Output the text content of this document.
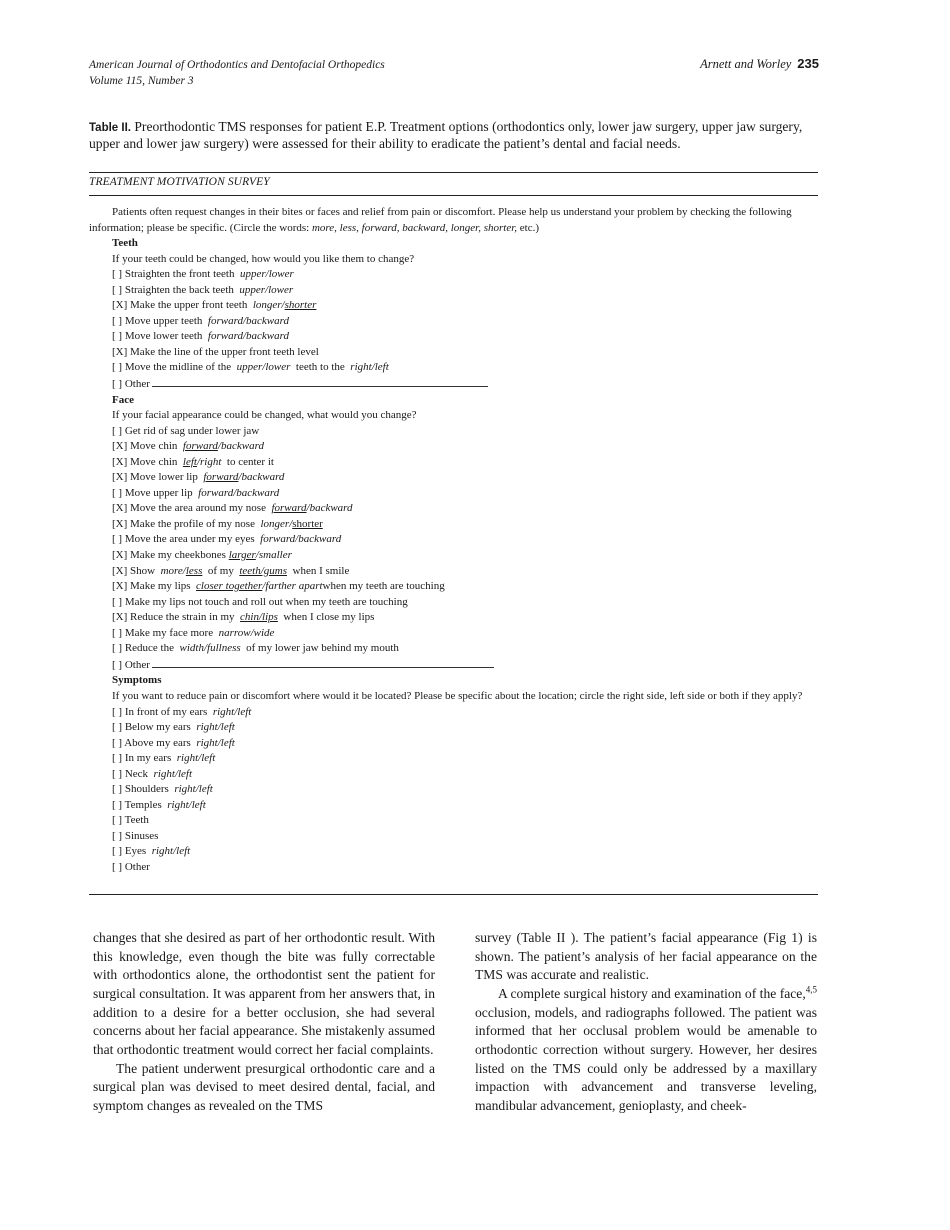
American Journal of Orthodontics and Dentofacial Orthopedics
Volume 115, Number 3
Arnett and Worley 235
Table II. Preorthodontic TMS responses for patient E.P. Treatment options (orthodontics only, lower jaw surgery, upper jaw surgery, upper and lower jaw surgery) were assessed for their ability to eradicate the patient’s dental and facial needs.
TREATMENT MOTIVATION SURVEY
Patients often request changes in their bites or faces and relief from pain or discomfort. Please help us understand your problem by checking the following information; please be specific. (Circle the words: more, less, forward, backward, longer, shorter, etc.)
Teeth
If your teeth could be changed, how would you like them to change?
[ ] Straighten the front teeth upper/lower
[ ] Straighten the back teeth upper/lower
[X] Make the upper front teeth longer/shorter
[ ] Move upper teeth forward/backward
[ ] Move lower teeth forward/backward
[X] Make the line of the upper front teeth level
[ ] Move the midline of the upper/lower teeth to the right/left
[ ] Other
Face
If your facial appearance could be changed, what would you change?
[ ] Get rid of sag under lower jaw
[X] Move chin forward/backward
[X] Move chin left/right to center it
[X] Move lower lip forward/backward
[ ] Move upper lip forward/backward
[X] Move the area around my nose forward/backward
[X] Make the profile of my nose longer/shorter
[ ] Move the area under my eyes forward/backward
[X] Make my cheekbones larger/smaller
[X] Show more/less of my teeth/gums when I smile
[X] Make my lips closer together/farther apartwhen my teeth are touching
[ ] Make my lips not touch and roll out when my teeth are touching
[X] Reduce the strain in my chin/lips when I close my lips
[ ] Make my face more narrow/wide
[ ] Reduce the width/fullness of my lower jaw behind my mouth
[ ] Other
Symptoms
If you want to reduce pain or discomfort where would it be located? Please be specific about the location; circle the right side, left side or both if they apply?
[ ] In front of my ears right/left
[ ] Below my ears right/left
[ ] Above my ears right/left
[ ] In my ears right/left
[ ] Neck right/left
[ ] Shoulders right/left
[ ] Temples right/left
[ ] Teeth
[ ] Sinuses
[ ] Eyes right/left
[ ] Other

changes that she desired as part of her orthodontic result. With this knowledge, even though the bite was fully correctable with orthodontics alone, the orthodontist sent the patient for surgical consultation. It was apparent from her answers that, in addition to a desire for a better occlusion, she had several concerns about her facial appearance. She mistakenly assumed that orthodontic treatment would correct her facial complaints.

The patient underwent presurgical orthodontic care and a surgical plan was devised to meet desired dental, facial, and symptom changes as revealed on the TMS

survey (Table II ). The patient’s facial appearance (Fig 1) is shown. The patient’s analysis of her facial appearance on the TMS was accurate and realistic.

A complete surgical history and examination of the face,$^{4,5}$ occlusion, models, and radiographs followed. The patient was informed that her occlusal problem would be amenable to orthodontic correction without surgery. However, her desires listed on the TMS could only be addressed by a maxillary impaction with advancement and transverse leveling, mandibular advancement, genioplasty, and cheek-
